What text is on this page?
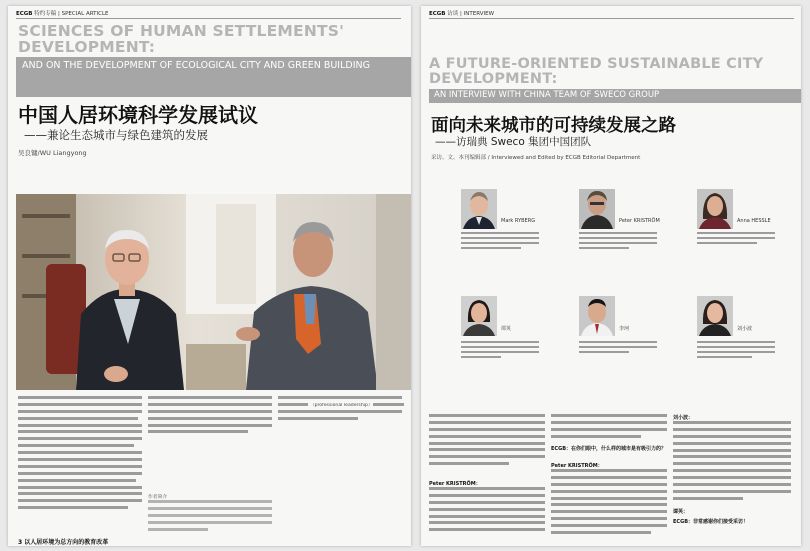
ECGB 特约专稿 | SPECIAL ARTICLE
SCIENCES OF HUMAN SETTLEMENTS'
DEVELOPMENT:
AND ON THE DEVELOPMENT OF ECOLOGICAL CITY AND GREEN BUILDING
中国人居环境科学发展试议
——兼论生态城市与绿色建筑的发展
吴良镛/WU Liangyong
3 以人居环境为总方向的教育改革
作者简介
（professional leadership）
ECGB 访谈 | INTERVIEW
A FUTURE-ORIENTED SUSTAINABLE CITY
DEVELOPMENT:
AN INTERVIEW WITH CHINA TEAM OF SWECO GROUP
面向未来城市的可持续发展之路
——访瑞典 Sweco 集团中国团队
采访、文、本刊编辑部 / Interviewed and Edited by ECGB Editorial Department
Mark RYBERG	Peter KRISTRÖM	Anna HESSLE
谭英	李珂	刘小波
Peter KRISTRÖM：
ECGB：在你们眼中，什么样的城市是有吸引力的？
Peter KRISTRÖM：
刘小波：
谭英：
ECGB：非常感谢你们接受采访！
